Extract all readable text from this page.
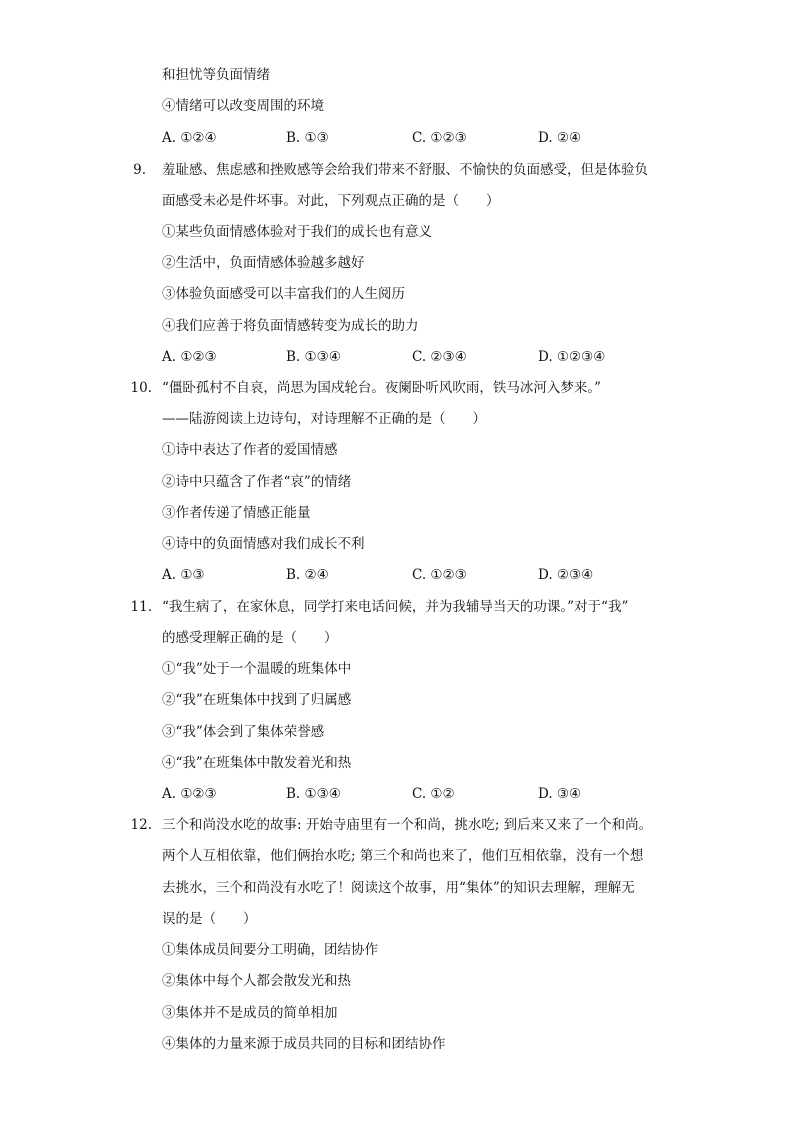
和担忧等负面情绪
④情绪可以改变周围的环境
A. ①②④	B. ①③	C. ①②③	D. ②④
9. 羞耻感、焦虑感和挫败感等会给我们带来不舒服、不愉快的负面感受，但是体验负
面感受未必是件坏事。对此，下列观点正确的是（　　）
①某些负面情感体验对于我们的成长也有意义
②生活中，负面情感体验越多越好
③体验负面感受可以丰富我们的人生阅历
④我们应善于将负面情感转变为成长的助力
A. ①②③	B. ①③④	C. ②③④	D. ①②③④
10. “僵卧孤村不自哀，尚思为国戍轮台。夜阑卧听风吹雨，铁马冰河入梦来。”
——陆游阅读上边诗句，对诗理解不正确的是（　　）
①诗中表达了作者的爱国情感
②诗中只蕴含了作者“哀”的情绪
③作者传递了情感正能量
④诗中的负面情感对我们成长不利
A. ①③	B. ②④	C. ①②③	D. ②③④
11. “我生病了，在家休息，同学打来电话问候，并为我辅导当天的功课。”对于“我”
的感受理解正确的是（　　）
①“我”处于一个温暖的班集体中
②“我”在班集体中找到了归属感
③“我”体会到了集体荣誉感
④“我”在班集体中散发着光和热
A. ①②③	B. ①③④	C. ①②	D. ③④
12. 三个和尚没水吃的故事: 开始寺庙里有一个和尚，挑水吃; 到后来又来了一个和尚。
两个人互相依靠，他们俩抬水吃; 第三个和尚也来了，他们互相依靠，没有一个想
去挑水，三个和尚没有水吃了！阅读这个故事，用“集体”的知识去理解，理解无
误的是（　　）
①集体成员间要分工明确，团结协作
②集体中每个人都会散发光和热
③集体并不是成员的简单相加
④集体的力量来源于成员共同的目标和团结协作
